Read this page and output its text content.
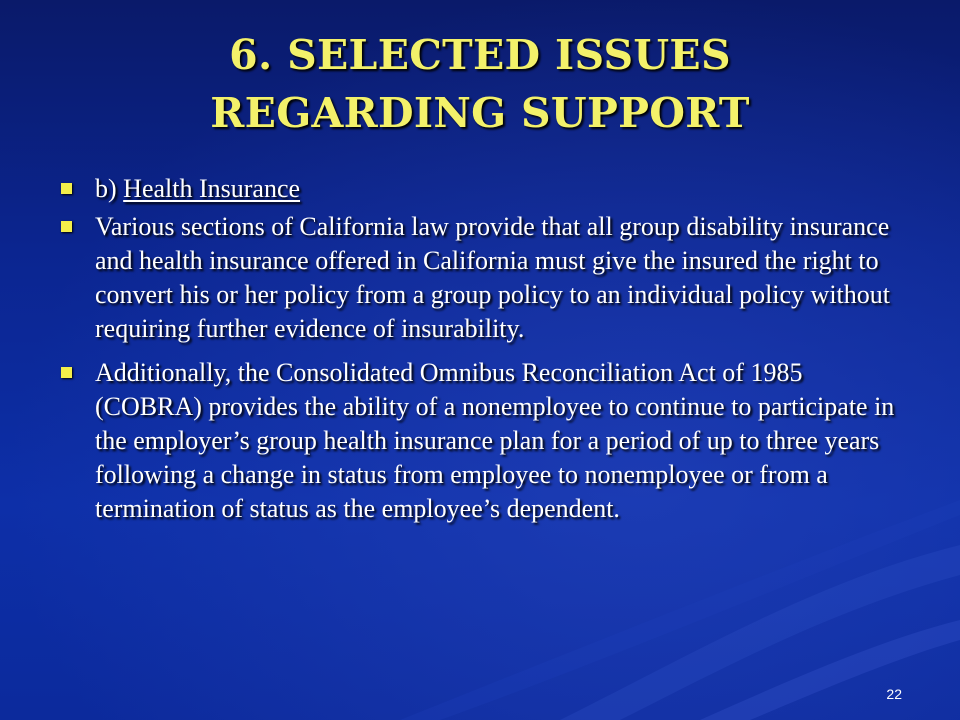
6. SELECTED ISSUES
REGARDING SUPPORT
b) Health Insurance
Various sections of California law provide that all group disability insurance and health insurance offered in California must give the insured the right to convert his or her policy from a group policy to an individual policy without requiring further evidence of insurability.
Additionally, the Consolidated Omnibus Reconciliation Act of 1985 (COBRA) provides the ability of a nonemployee to continue to participate in the employer’s group health insurance plan for a period of up to three years following a change in status from employee to nonemployee or from a termination of status as the employee’s dependent.
22
